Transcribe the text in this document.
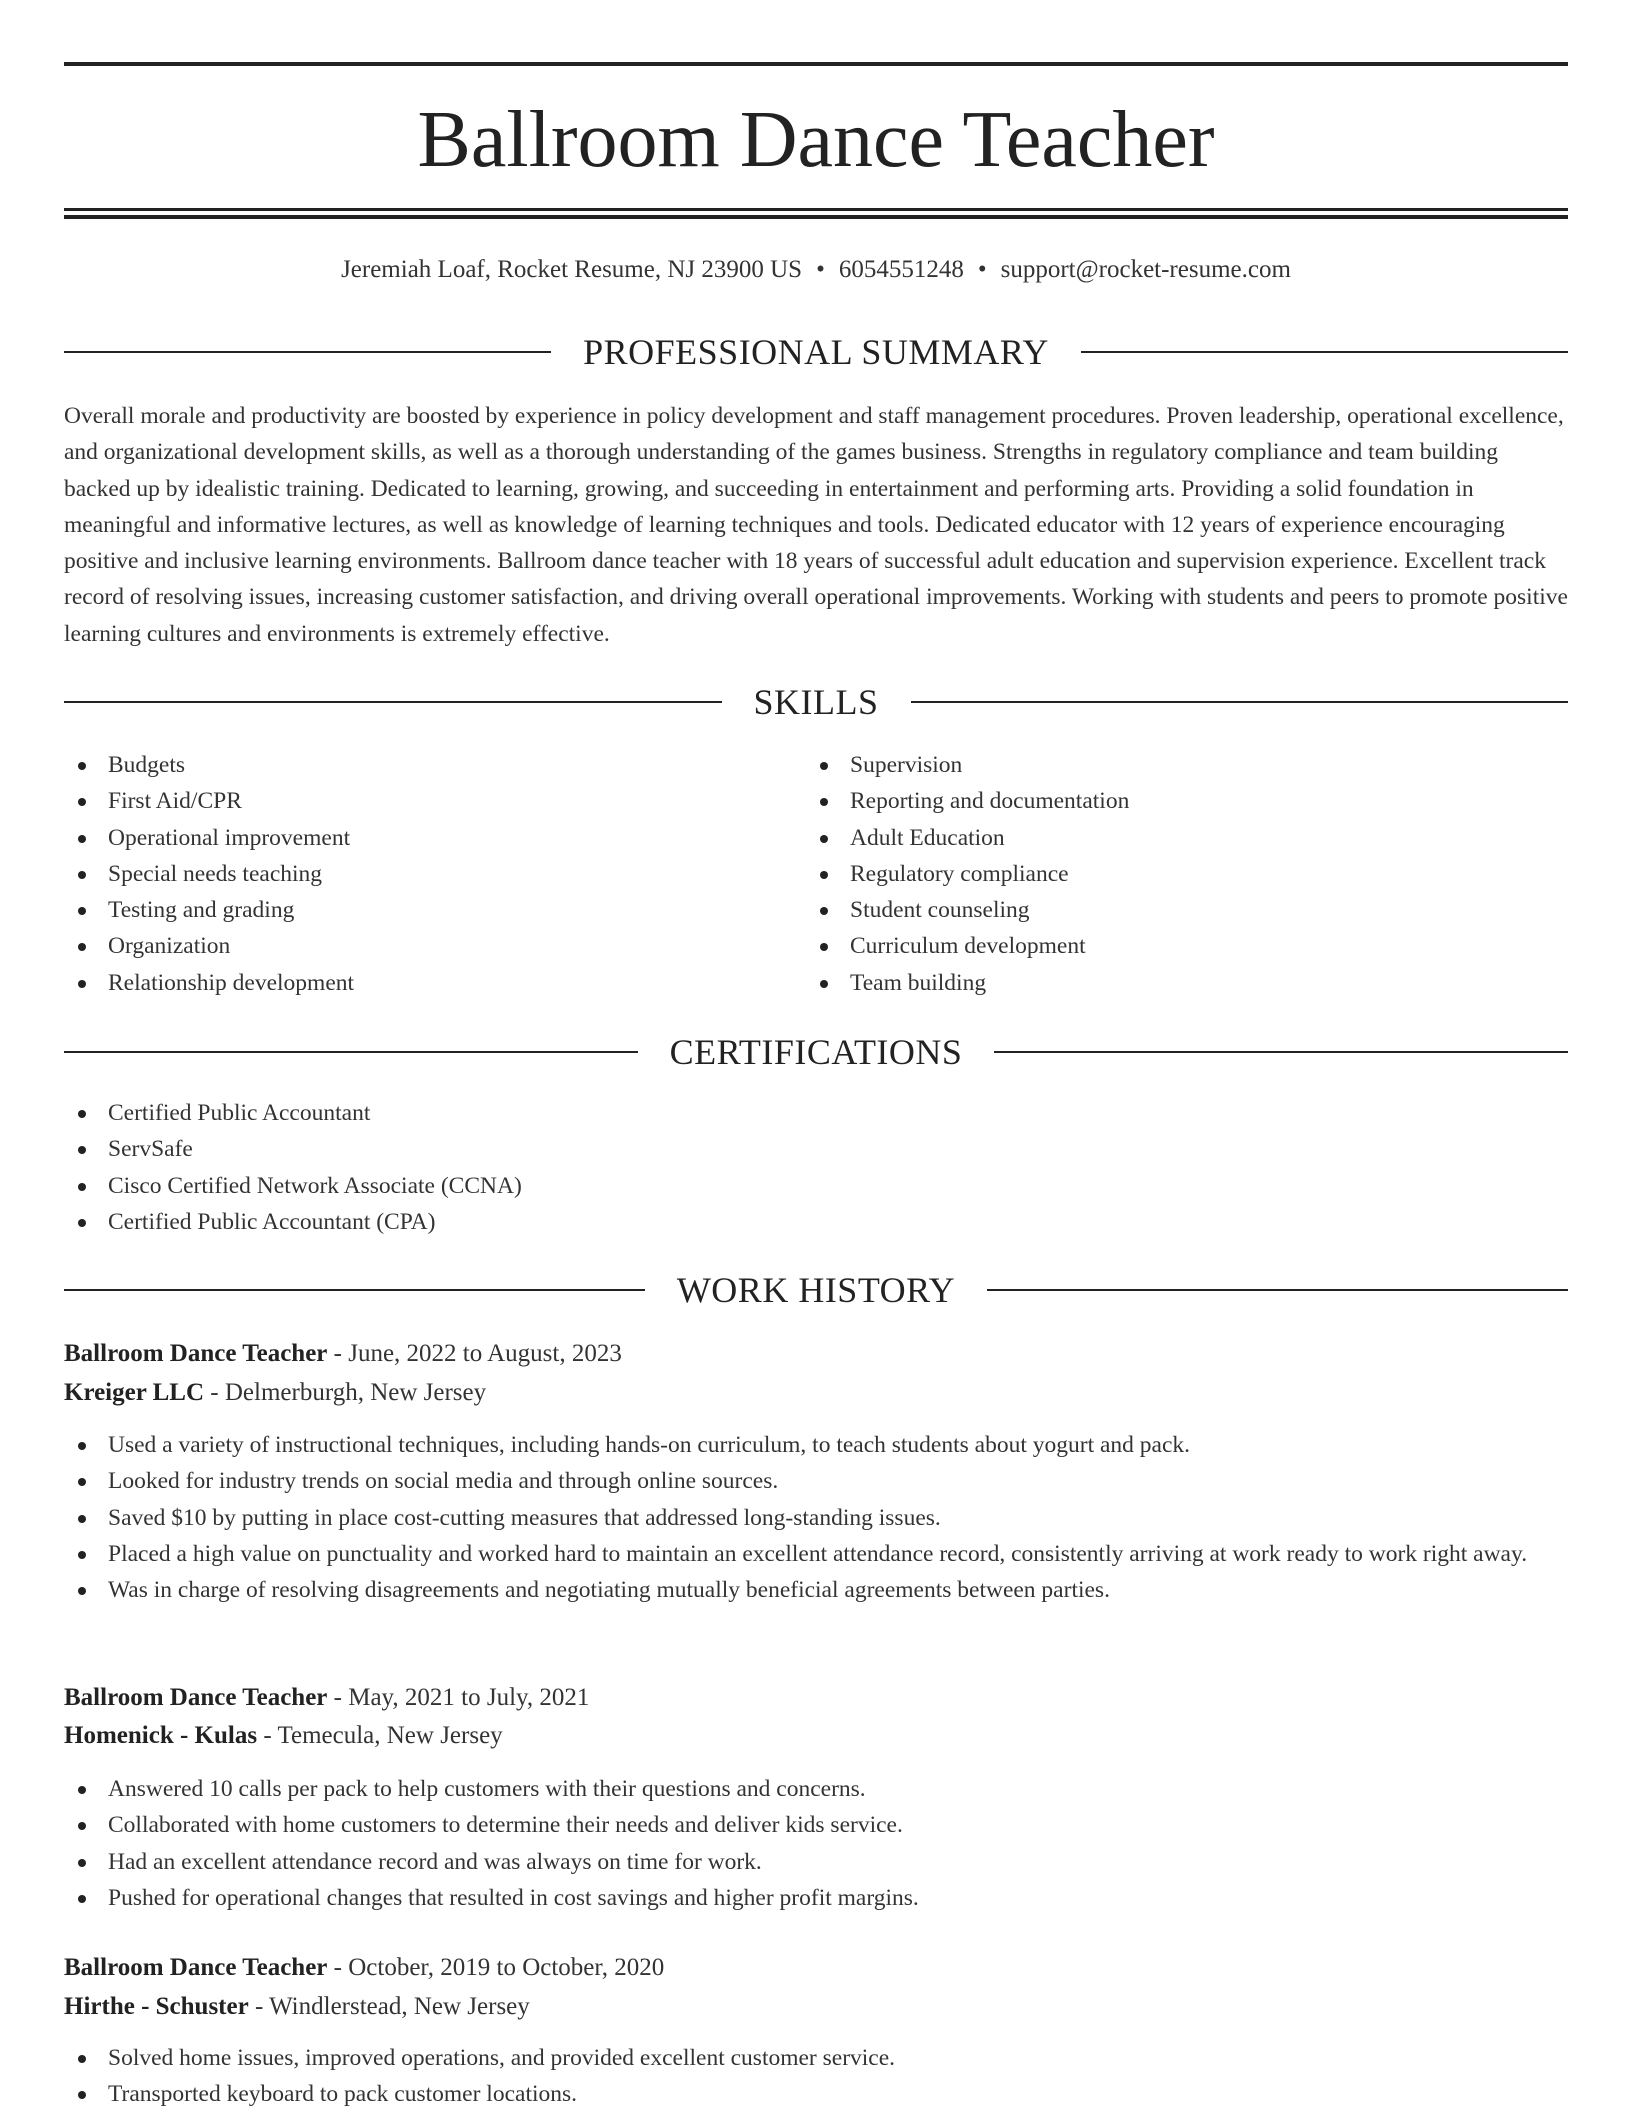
Ballroom Dance Teacher
Jeremiah Loaf, Rocket Resume, NJ 23900 US • 6054551248 • support@rocket-resume.com
PROFESSIONAL SUMMARY

Overall morale and productivity are boosted by experience in policy development and staff management procedures. Proven leadership, operational excellence, and organizational development skills, as well as a thorough understanding of the games business. Strengths in regulatory compliance and team building backed up by idealistic training. Dedicated to learning, growing, and succeeding in entertainment and performing arts. Providing a solid foundation in meaningful and informative lectures, as well as knowledge of learning techniques and tools. Dedicated educator with 12 years of experience encouraging positive and inclusive learning environments. Ballroom dance teacher with 18 years of successful adult education and supervision experience. Excellent track record of resolving issues, increasing customer satisfaction, and driving overall operational improvements. Working with students and peers to promote positive learning cultures and environments is extremely effective.

SKILLS
Budgets
First Aid/CPR
Operational improvement
Special needs teaching
Testing and grading
Organization
Relationship development
Supervision
Reporting and documentation
Adult Education
Regulatory compliance
Student counseling
Curriculum development
Team building
CERTIFICATIONS
Certified Public Accountant
ServSafe
Cisco Certified Network Associate (CCNA)
Certified Public Accountant (CPA)
WORK HISTORY
Ballroom Dance Teacher - June, 2022 to August, 2023
Kreiger LLC - Delmerburgh, New Jersey
Used a variety of instructional techniques, including hands-on curriculum, to teach students about yogurt and pack.
Looked for industry trends on social media and through online sources.
Saved $10 by putting in place cost-cutting measures that addressed long-standing issues.
Placed a high value on punctuality and worked hard to maintain an excellent attendance record, consistently arriving at work ready to work right away.
Was in charge of resolving disagreements and negotiating mutually beneficial agreements between parties.
Ballroom Dance Teacher - May, 2021 to July, 2021
Homenick - Kulas - Temecula, New Jersey
Answered 10 calls per pack to help customers with their questions and concerns.
Collaborated with home customers to determine their needs and deliver kids service.
Had an excellent attendance record and was always on time for work.
Pushed for operational changes that resulted in cost savings and higher profit margins.
Ballroom Dance Teacher - October, 2019 to October, 2020
Hirthe - Schuster - Windlerstead, New Jersey
Solved home issues, improved operations, and provided excellent customer service.
Transported keyboard to pack customer locations.
